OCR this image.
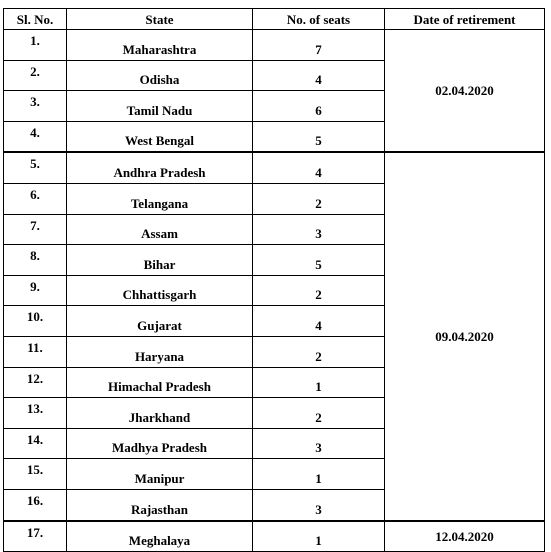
Sl. No.	State	No. of seats	Date of retirement
1.	Maharashtra	7	02.04.2020
2.	Odisha	4	
3.	Tamil Nadu	6	
4.	West Bengal	5	
5.	Andhra Pradesh	4	09.04.2020
6.	Telangana	2	
7.	Assam	3	
8.	Bihar	5	
9.	Chhattisgarh	2	
10.	Gujarat	4	
11.	Haryana	2	
12.	Himachal Pradesh	1	
13.	Jharkhand	2	
14.	Madhya Pradesh	3	
15.	Manipur	1	
16.	Rajasthan	3	
17.	Meghalaya	1	12.04.2020
